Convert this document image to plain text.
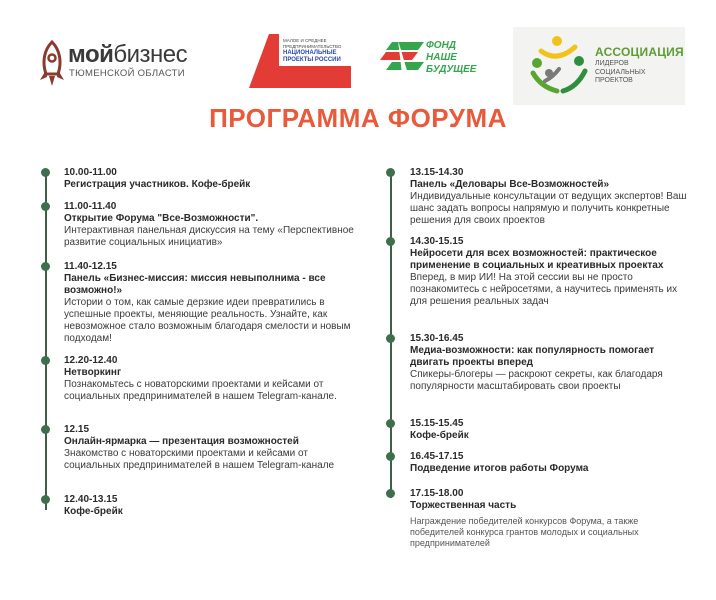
мойбизнес
ТЮМЕНСКОЙ ОБЛАСТИ
МАЛОЕ И СРЕДНЕЕ ПРЕДПРИНИМАТЕЛЬСТВО
НАЦИОНАЛЬНЫЕ ПРОЕКТЫ РОССИИ
ФОНД
НАШЕ
БУДУЩЕЕ
АССОЦИАЦИЯ
ЛИДЕРОВ СОЦИАЛЬНЫХ ПРОЕКТОВ
ПРОГРАММА ФОРУМА
10.00-11.00
Регистрация участников. Кофе-брейк
11.00-11.40
Открытие Форума "Все-Возможности".
Интерактивная панельная дискуссия на тему «Перспективное развитие социальных инициатив»
11.40-12.15
Панель «Бизнес-миссия: миссия невыполнима - все возможно!»
Истории о том, как самые дерзкие идеи превратились в успешные проекты, меняющие реальность. Узнайте, как невозможное стало возможным благодаря смелости и новым подходам!
12.20-12.40
Нетворкинг
Познакомьтесь с новаторскими проектами и кейсами от социальных предпринимателей в нашем Telegram-канале.
12.15
Онлайн-ярмарка — презентация возможностей
Знакомство с новаторскими проектами и кейсами от социальных предпринимателей в нашем Telegram-канале
12.40-13.15
Кофе-брейк
13.15-14.30
Панель «Деловары Все-Возможностей»
Индивидуальные консультации от ведущих экспертов! Ваш шанс задать вопросы напрямую и получить конкретные решения для своих проектов
14.30-15.15
Нейросети для всех возможностей: практическое применение в социальных и креативных проектах
Вперед, в мир ИИ! На этой сессии вы не просто познакомитесь с нейросетями, а научитесь применять их для решения реальных задач
15.30-16.45
Медиа-возможности: как популярность помогает двигать проекты вперед
Спикеры-блогеры — раскроют секреты, как благодаря популярности масштабировать свои проекты
15.15-15.45
Кофе-брейк
16.45-17.15
Подведение итогов работы Форума
17.15-18.00
Торжественная часть
Награждение победителей конкурсов Форума, а также победителей конкурса грантов молодых и социальных предпринимателей
